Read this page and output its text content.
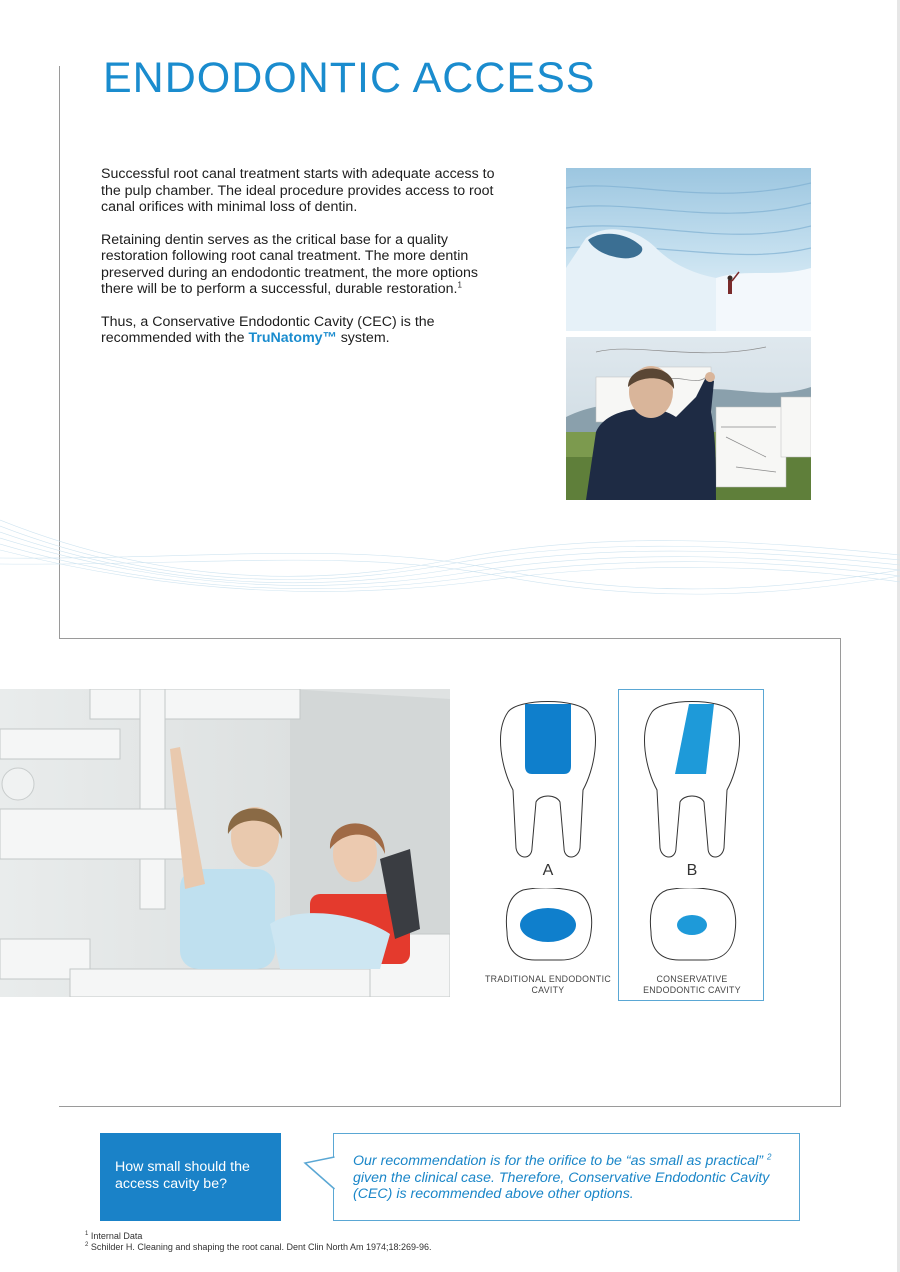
ENDODONTIC ACCESS

Successful root canal treatment starts with adequate access to the pulp chamber. The ideal procedure provides access to root canal orifices with minimal loss of dentin.

Retaining dentin serves as the critical base for a quality restoration following root canal treatment. The more dentin preserved during an endodontic treatment, the more options there will be to perform a successful, durable restoration.$^1$

Thus, a Conservative Endodontic Cavity (CEC) is the recommended with the TruNatomy™ system.

A	B
TRADITIONAL ENDODONTIC CAVITY
CONSERVATIVE ENDODONTIC CAVITY
How small should the access cavity be?
Our recommendation is for the orifice to be “as small as practical” $^2$ given the clinical case. Therefore, Conservative Endodontic Cavity (CEC) is recommended above other options.
$^1$ Internal Data
$^2$ Schilder H. Cleaning and shaping the root canal. Dent Clin North Am 1974;18:269-96.
